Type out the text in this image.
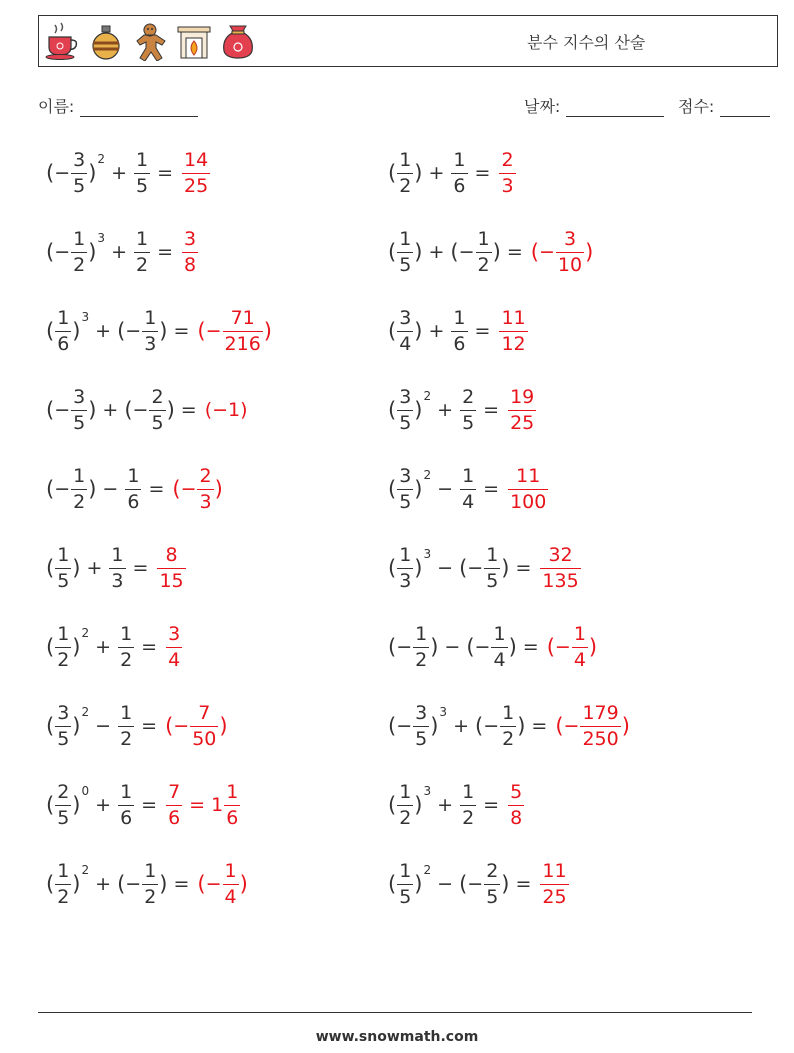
분수 지수의 산술
이름:	날짜:	점수:
( − $\frac{3}{5}$ )
2
+ $\frac{1}{5} = \frac{14}{25}$	( $\frac{1}{2}$ ) + $\frac{1}{6} = \frac{2}{3}$
( − $\frac{1}{2}$ )
3
+ $\frac{1}{2} = \frac{3}{8}$	( $\frac{1}{5}$ ) + ( − $\frac{1}{2}$ ) = ( − $\frac{3}{10}$ )
( $\frac{1}{6}$ )
3
+ ( − $\frac{1}{3}$ ) = ( − $\frac{71}{216}$ )	( $\frac{3}{4}$ ) + $\frac{1}{6} = \frac{11}{12}$
( − $\frac{3}{5}$ ) + ( − $\frac{2}{5}$ ) = (−1)	( $\frac{3}{5}$ )
2
+ $\frac{2}{5} = \frac{19}{25}$
( − $\frac{1}{2}$ ) − $\frac{1}{6}$ = ( − $\frac{2}{3}$ )	( $\frac{3}{5}$ )
2
− $\frac{1}{4} = \frac{11}{100}$
( $\frac{1}{5}$ ) + $\frac{1}{3} = \frac{8}{15}$	( $\frac{1}{3}$ )
3
− ( − $\frac{1}{5}$ ) = $\frac{32}{135}$
( $\frac{1}{2}$ )
2
+ $\frac{1}{2} = \frac{3}{4}$	( − $\frac{1}{2}$ ) − ( − $\frac{1}{4}$ ) = ( − $\frac{1}{4}$ )
( $\frac{3}{5}$ )
2
− $\frac{1}{2}$ = ( − $\frac{7}{50}$ )	( − $\frac{3}{5}$ )
3
+ ( − $\frac{1}{2}$ ) = ( − $\frac{179}{250}$ )
( $\frac{2}{5}$ )
0
+ $\frac{1}{6} = \frac{7}{6} = 1 \frac{1}{6}$	( $\frac{1}{2}$ )
3
+ $\frac{1}{2} = \frac{5}{8}$
( $\frac{1}{2}$ )
2
+ ( − $\frac{1}{2}$ ) = ( − $\frac{1}{4}$ )	( $\frac{1}{5}$ )
2
− ( − $\frac{2}{5}$ ) = $\frac{11}{25}$
www.snowmath.com
